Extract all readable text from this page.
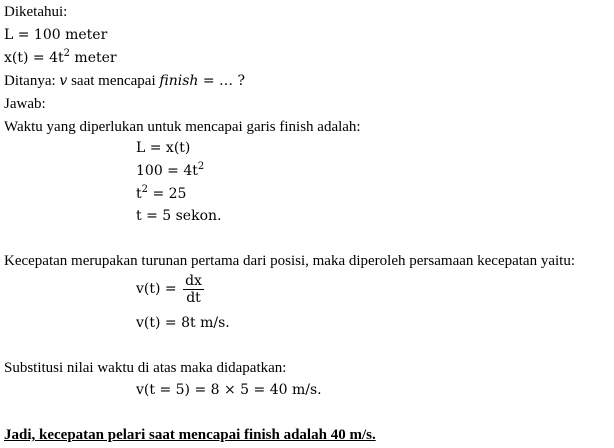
Diketahui:
L = 100 meter
$x(t) = 4t^2$ meter
Ditanya: v saat mencapai finish = … ?
Jawab:
Waktu yang diperlukan untuk mencapai garis finish adalah:
L = x(t)
$100 = 4t^2$
$t^2 = 25$
t = 5 sekon.
Kecepatan merupakan turunan pertama dari posisi, maka diperoleh persamaan kecepatan yaitu:
$v(t) = \frac{dx}{dt}$
v(t) = 8t m/s.
Substitusi nilai waktu di atas maka didapatkan:
v(t = 5) = 8 × 5 = 40 m/s.
Jadi, kecepatan pelari saat mencapai finish adalah 40 m/s.
